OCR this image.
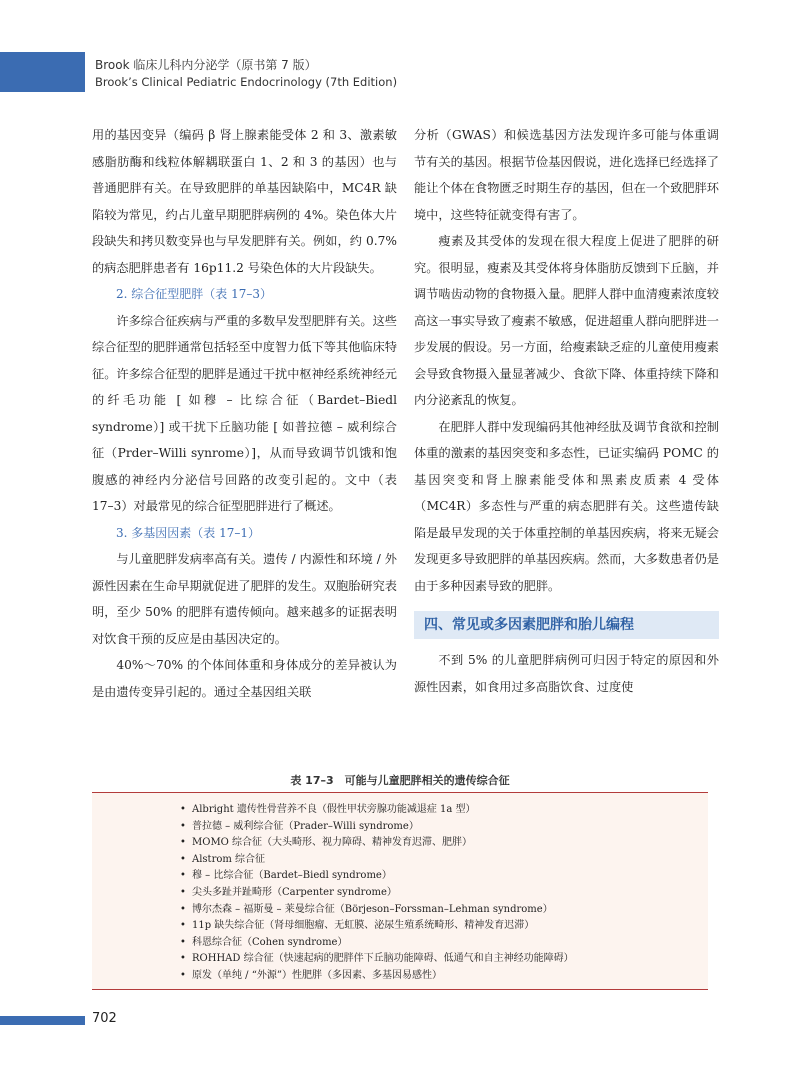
Brook 临床儿科内分泌学（原书第 7 版）
Brook’s Clinical Pediatric Endocrinology (7th Edition)

用的基因变异（编码 β 肾上腺素能受体 2 和 3、激素敏感脂肪酶和线粒体解耦联蛋白 1、2 和 3 的基因）也与普通肥胖有关。在导致肥胖的单基因缺陷中，MC4R 缺陷较为常见，约占儿童早期肥胖病例的 4%。染色体大片段缺失和拷贝数变异也与早发肥胖有关。例如，约 0.7% 的病态肥胖患者有 16p11.2 号染色体的大片段缺失。

2. 综合征型肥胖（表 17–3）

许多综合征疾病与严重的多数早发型肥胖有关。这些综合征型的肥胖通常包括轻至中度智力低下等其他临床特征。许多综合征型的肥胖是通过干扰中枢神经系统神经元的纤毛功能 [ 如穆 – 比综合征（Bardet–Biedl syndrome）] 或干扰下丘脑功能 [ 如普拉德 – 威利综合征（Prder–Willi synrome）]，从而导致调节饥饿和饱腹感的神经内分泌信号回路的改变引起的。文中（表 17–3）对最常见的综合征型肥胖进行了概述。

3. 多基因因素（表 17–1）

与儿童肥胖发病率高有关。遗传 / 内源性和环境 / 外源性因素在生命早期就促进了肥胖的发生。双胞胎研究表明，至少 50% 的肥胖有遗传倾向。越来越多的证据表明对饮食干预的反应是由基因决定的。

40%～70% 的个体间体重和身体成分的差异被认为是由遗传变异引起的。通过全基因组关联

分析（GWAS）和候选基因方法发现许多可能与体重调节有关的基因。根据节俭基因假说，进化选择已经选择了能让个体在食物匮乏时期生存的基因，但在一个致肥胖环境中，这些特征就变得有害了。

瘦素及其受体的发现在很大程度上促进了肥胖的研究。很明显，瘦素及其受体将身体脂肪反馈到下丘脑，并调节啮齿动物的食物摄入量。肥胖人群中血清瘦素浓度较高这一事实导致了瘦素不敏感，促进超重人群向肥胖进一步发展的假设。另一方面，给瘦素缺乏症的儿童使用瘦素会导致食物摄入量显著减少、食欲下降、体重持续下降和内分泌紊乱的恢复。

在肥胖人群中发现编码其他神经肽及调节食欲和控制体重的激素的基因突变和多态性，已证实编码 POMC 的基因突变和肾上腺素能受体和黑素皮质素 4 受体（MC4R）多态性与严重的病态肥胖有关。这些遗传缺陷是最早发现的关于体重控制的单基因疾病，将来无疑会发现更多导致肥胖的单基因疾病。然而，大多数患者仍是由于多种因素导致的肥胖。

四、常见或多因素肥胖和胎儿编程

不到 5% 的儿童肥胖病例可归因于特定的原因和外源性因素，如食用过多高脂饮食、过度使

表 17–3　可能与儿童肥胖相关的遗传综合征
• Albright 遗传性骨营养不良（假性甲状旁腺功能减退症 1a 型）
• 普拉德 – 威利综合征（Prader–Willi syndrome）
• MOMO 综合征（大头畸形、视力障碍、精神发育迟滞、肥胖）
• Alstrom 综合征
• 穆 – 比综合征（Bardet–Biedl syndrome）
• 尖头多趾并趾畸形（Carpenter syndrome）
• 博尔杰森 – 福斯曼 – 莱曼综合征（Börjeson–Forssman–Lehman syndrome）
• 11p 缺失综合征（肾母细胞瘤、无虹膜、泌尿生殖系统畸形、精神发育迟滞）
• 科恩综合征（Cohen syndrome）
• ROHHAD 综合征（快速起病的肥胖伴下丘脑功能障碍、低通气和自主神经功能障碍）
• 原发（单纯 / “外源”）性肥胖（多因素、多基因易感性）
702
